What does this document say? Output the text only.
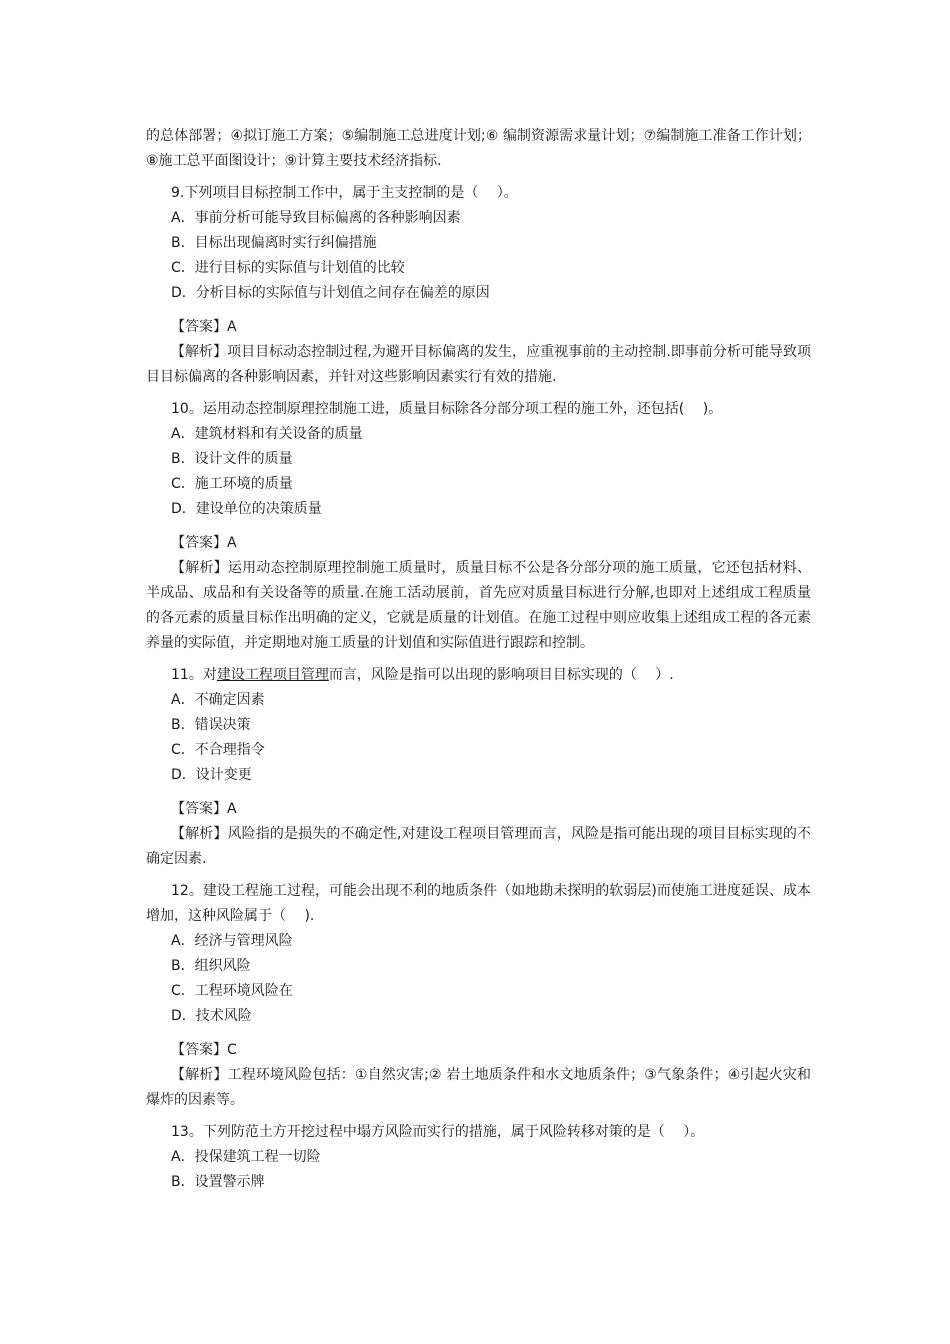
的总体部署；④拟订施工方案；⑤编制施工总进度计划;⑥ 编制资源需求量计划；⑦编制施工准备工作计划；⑧施工总平面图设计；⑨计算主要技术经济指标.
9.下列项目目标控制工作中，属于主支控制的是（　 ）。
A．事前分析可能导致目标偏离的各种影响因素
B．目标出现偏离时实行纠偏措施
C．进行目标的实际值与计划值的比较
D．分析目标的实际值与计划值之间存在偏差的原因
【答案】A
【解析】项目目标动态控制过程,为避开目标偏离的发生，应重视事前的主动控制.即事前分析可能导致项目目标偏离的各种影响因素，并针对这些影响因素实行有效的措施.
10。运用动态控制原理控制施工进，质量目标除各分部分项工程的施工外，还包括(　 )。
A．建筑材料和有关设备的质量
B．设计文件的质量
C．施工环境的质量
D．建设单位的决策质量
【答案】A
【解析】运用动态控制原理控制施工质量时，质量目标不公是各分部分项的施工质量，它还包括材料、半成品、成品和有关设备等的质量.在施工活动展前，首先应对质量目标进行分解,也即对上述组成工程质量的各元素的质量目标作出明确的定义，它就是质量的计划值。在施工过程中则应收集上述组成工程的各元素养量的实际值，并定期地对施工质量的计划值和实际值进行跟踪和控制。
11。对建设工程项目管理而言，风险是指可以出现的影响项目目标实现的（　 ）.
A．不确定因素
B．错误决策
C．不合理指令
D．设计变更
【答案】A
【解析】风险指的是损失的不确定性,对建设工程项目管理而言，风险是指可能出现的项目目标实现的不确定因素.
12。建设工程施工过程，可能会出现不利的地质条件（如地勘未探明的软弱层)而使施工进度延误、成本增加，这种风险属于（　 ).
A．经济与管理风险
B．组织风险
C．工程环境风险在
D．技术风险
【答案】C
【解析】工程环境风险包括：①自然灾害;② 岩土地质条件和水文地质条件；③气象条件；④引起火灾和爆炸的因素等。
13。下列防范土方开挖过程中塌方风险而实行的措施，属于风险转移对策的是（　 ）。
A．投保建筑工程一切险
B．设置警示牌
